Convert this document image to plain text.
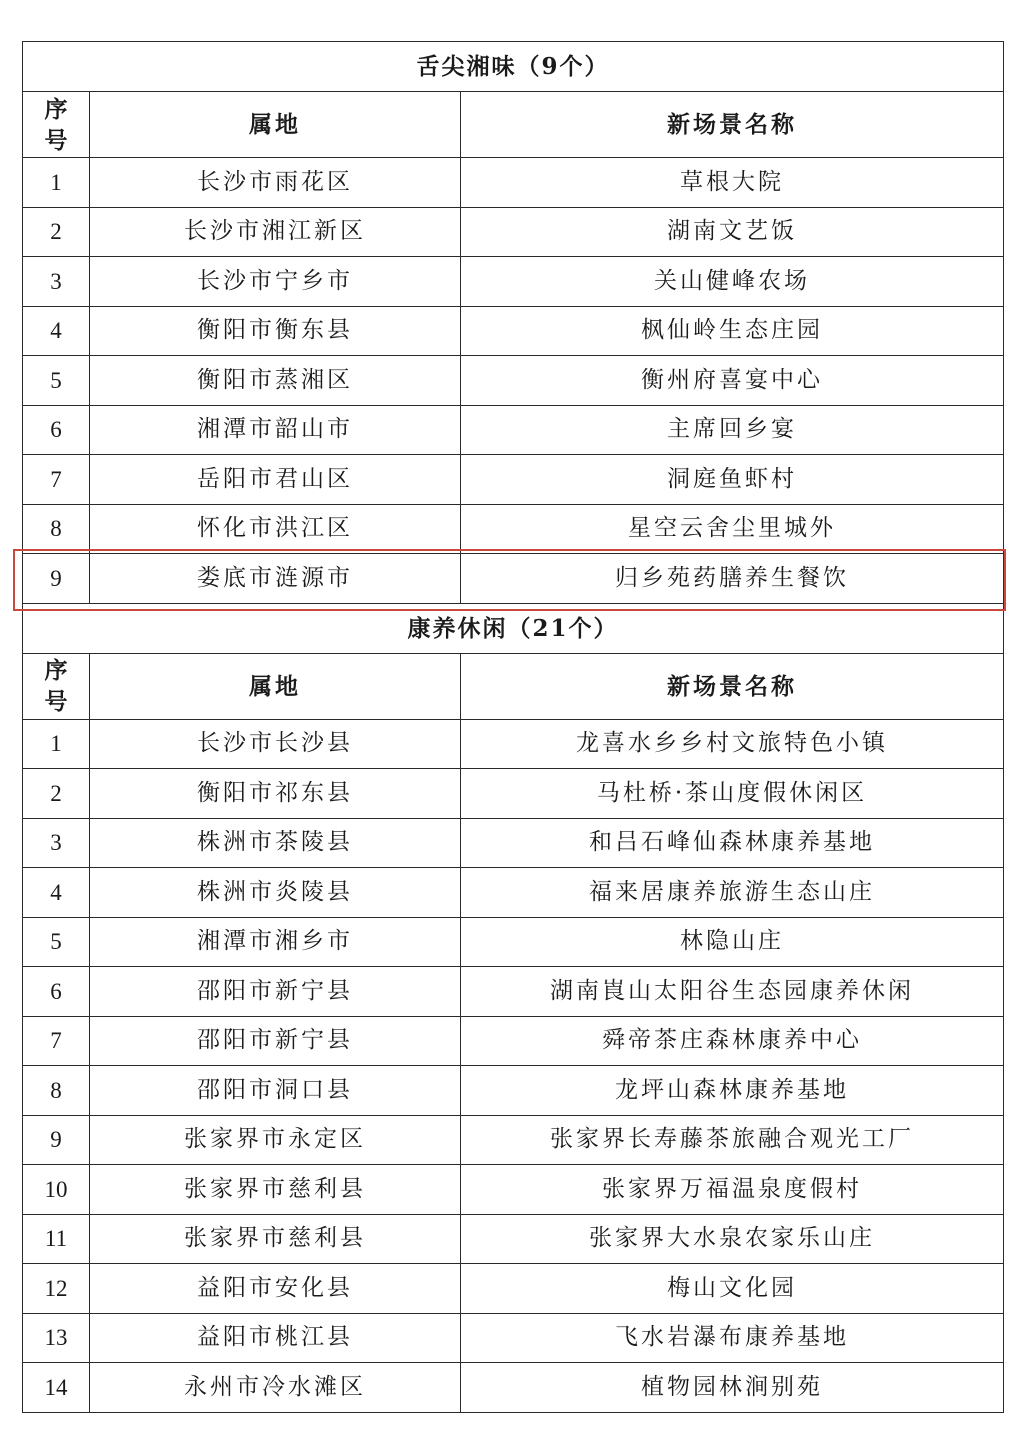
舌尖湘味（9个）		
序
号	属地	新场景名称
1	长沙市雨花区	草根大院
2	长沙市湘江新区	湖南文艺饭
3	长沙市宁乡市	关山健峰农场
4	衡阳市衡东县	枫仙岭生态庄园
5	衡阳市蒸湘区	衡州府喜宴中心
6	湘潭市韶山市	主席回乡宴
7	岳阳市君山区	洞庭鱼虾村
8	怀化市洪江区	星空云舍尘里城外
9	娄底市涟源市	归乡苑药膳养生餐饮
康养休闲（21个）		
序
号	属地	新场景名称
1	长沙市长沙县	龙喜水乡乡村文旅特色小镇
2	衡阳市祁东县	马杜桥·茶山度假休闲区
3	株洲市茶陵县	和吕石峰仙森林康养基地
4	株洲市炎陵县	福来居康养旅游生态山庄
5	湘潭市湘乡市	林隐山庄
6	邵阳市新宁县	湖南崀山太阳谷生态园康养休闲
7	邵阳市新宁县	舜帝茶庄森林康养中心
8	邵阳市洞口县	龙坪山森林康养基地
9	张家界市永定区	张家界长寿藤茶旅融合观光工厂
10	张家界市慈利县	张家界万福温泉度假村
11	张家界市慈利县	张家界大水泉农家乐山庄
12	益阳市安化县	梅山文化园
13	益阳市桃江县	飞水岩瀑布康养基地
14	永州市冷水滩区	植物园林涧别苑
